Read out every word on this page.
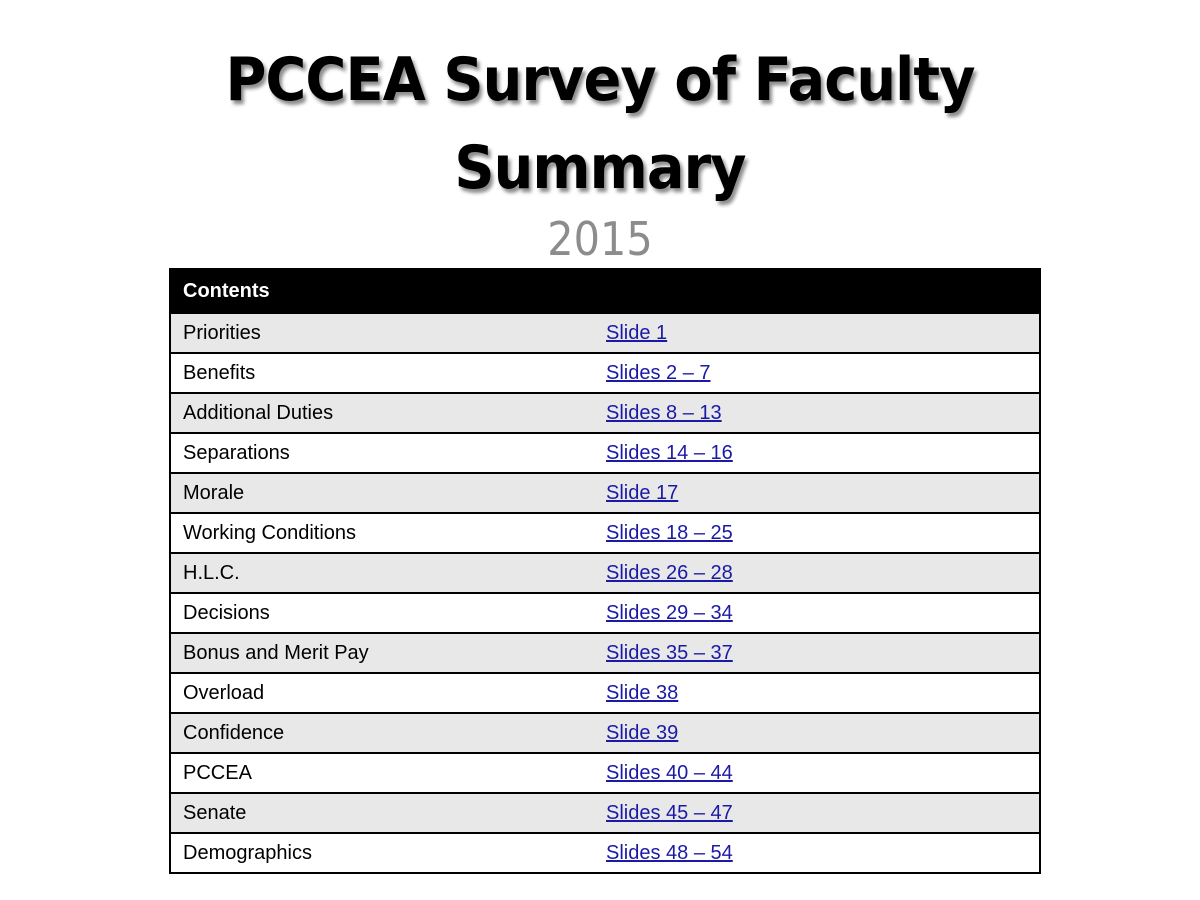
PCCEA Survey of Faculty
Summary
2015
Contents
Priorities	Slide 1
Benefits	Slides 2 – 7
Additional Duties	Slides 8 – 13
Separations	Slides 14 – 16
Morale	Slide 17
Working Conditions	Slides 18 – 25
H.L.C.	Slides 26 – 28
Decisions	Slides 29 – 34
Bonus and Merit Pay	Slides 35 – 37
Overload	Slide 38
Confidence	Slide 39
PCCEA	Slides 40 – 44
Senate	Slides 45 – 47
Demographics	Slides 48 – 54
